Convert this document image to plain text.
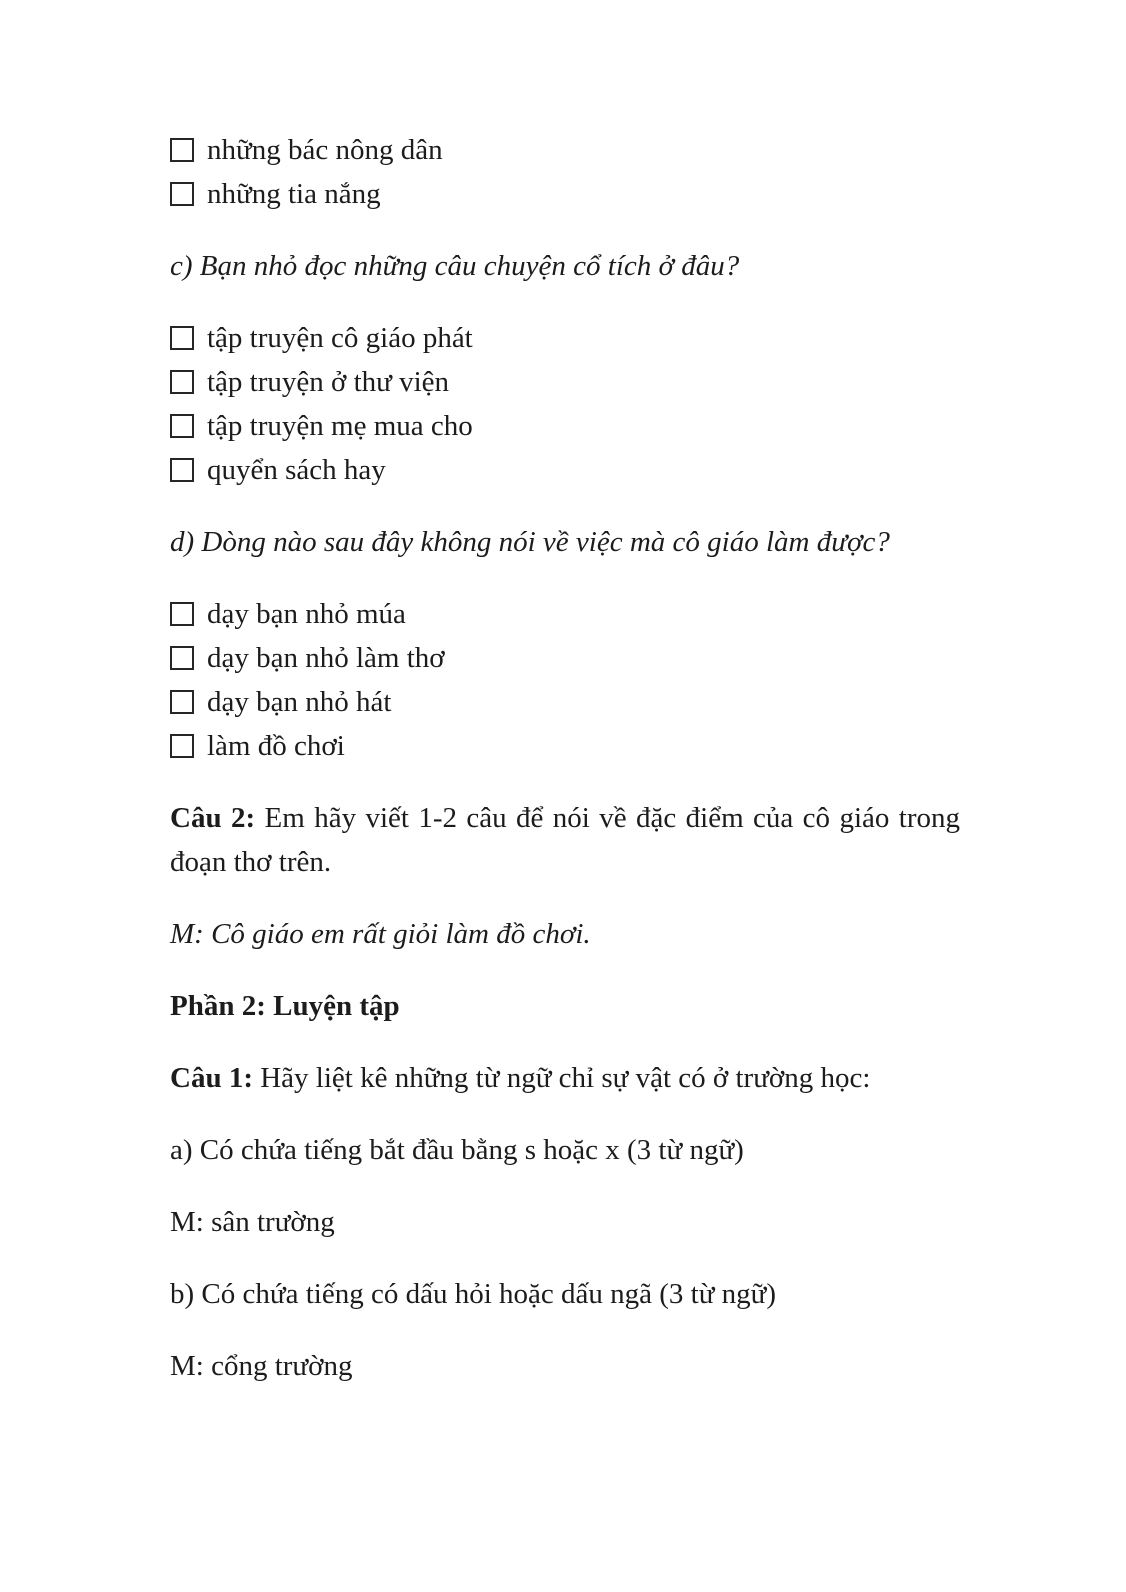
những bác nông dân
những tia nắng
c) Bạn nhỏ đọc những câu chuyện cổ tích ở đâu?
tập truyện cô giáo phát
tập truyện ở thư viện
tập truyện mẹ mua cho
quyển sách hay
d) Dòng nào sau đây không nói về việc mà cô giáo làm được?
dạy bạn nhỏ múa
dạy bạn nhỏ làm thơ
dạy bạn nhỏ hát
làm đồ chơi
Câu 2: Em hãy viết 1-2 câu để nói về đặc điểm của cô giáo trong đoạn thơ trên.
M: Cô giáo em rất giỏi làm đồ chơi.
Phần 2: Luyện tập
Câu 1: Hãy liệt kê những từ ngữ chỉ sự vật có ở trường học:
a) Có chứa tiếng bắt đầu bằng s hoặc x (3 từ ngữ)
M: sân trường
b) Có chứa tiếng có dấu hỏi hoặc dấu ngã (3 từ ngữ)
M: cổng trường
